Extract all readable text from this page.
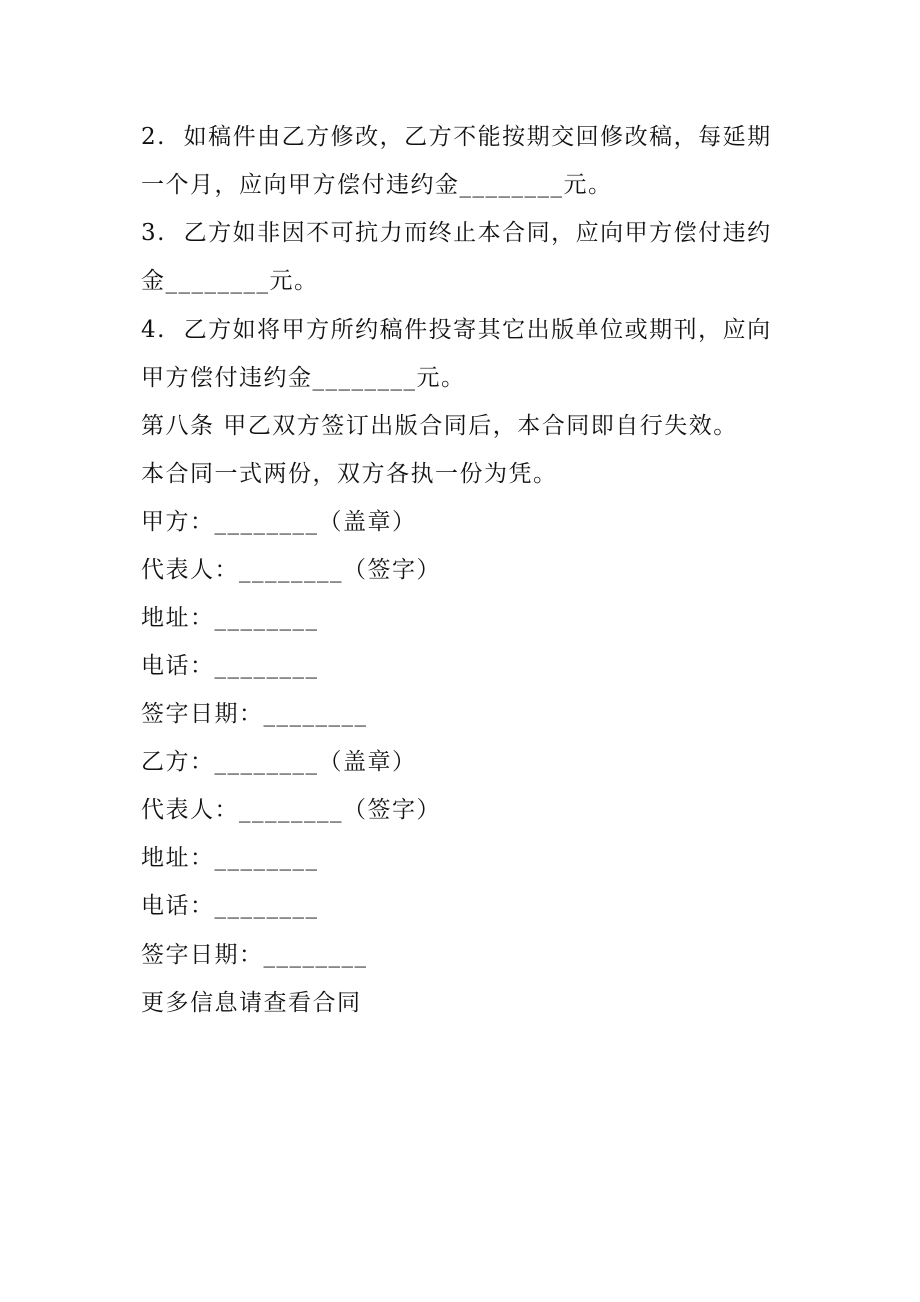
2.  如稿件由乙方修改，乙方不能按期交回修改稿，每延期
一个月，应向甲方偿付违约金________元。
3.  乙方如非因不可抗力而终止本合同，应向甲方偿付违约
金________元。
4.  乙方如将甲方所约稿件投寄其它出版单位或期刊，应向
甲方偿付违约金________元。
第八条 甲乙双方签订出版合同后，本合同即自行失效。
本合同一式两份，双方各执一份为凭。
甲方：________（盖章）
代表人：________（签字）
地址：________
电话：________
签字日期：________
乙方：________（盖章）
代表人：________（签字）
地址：________
电话：________
签字日期：________
更多信息请查看合同
